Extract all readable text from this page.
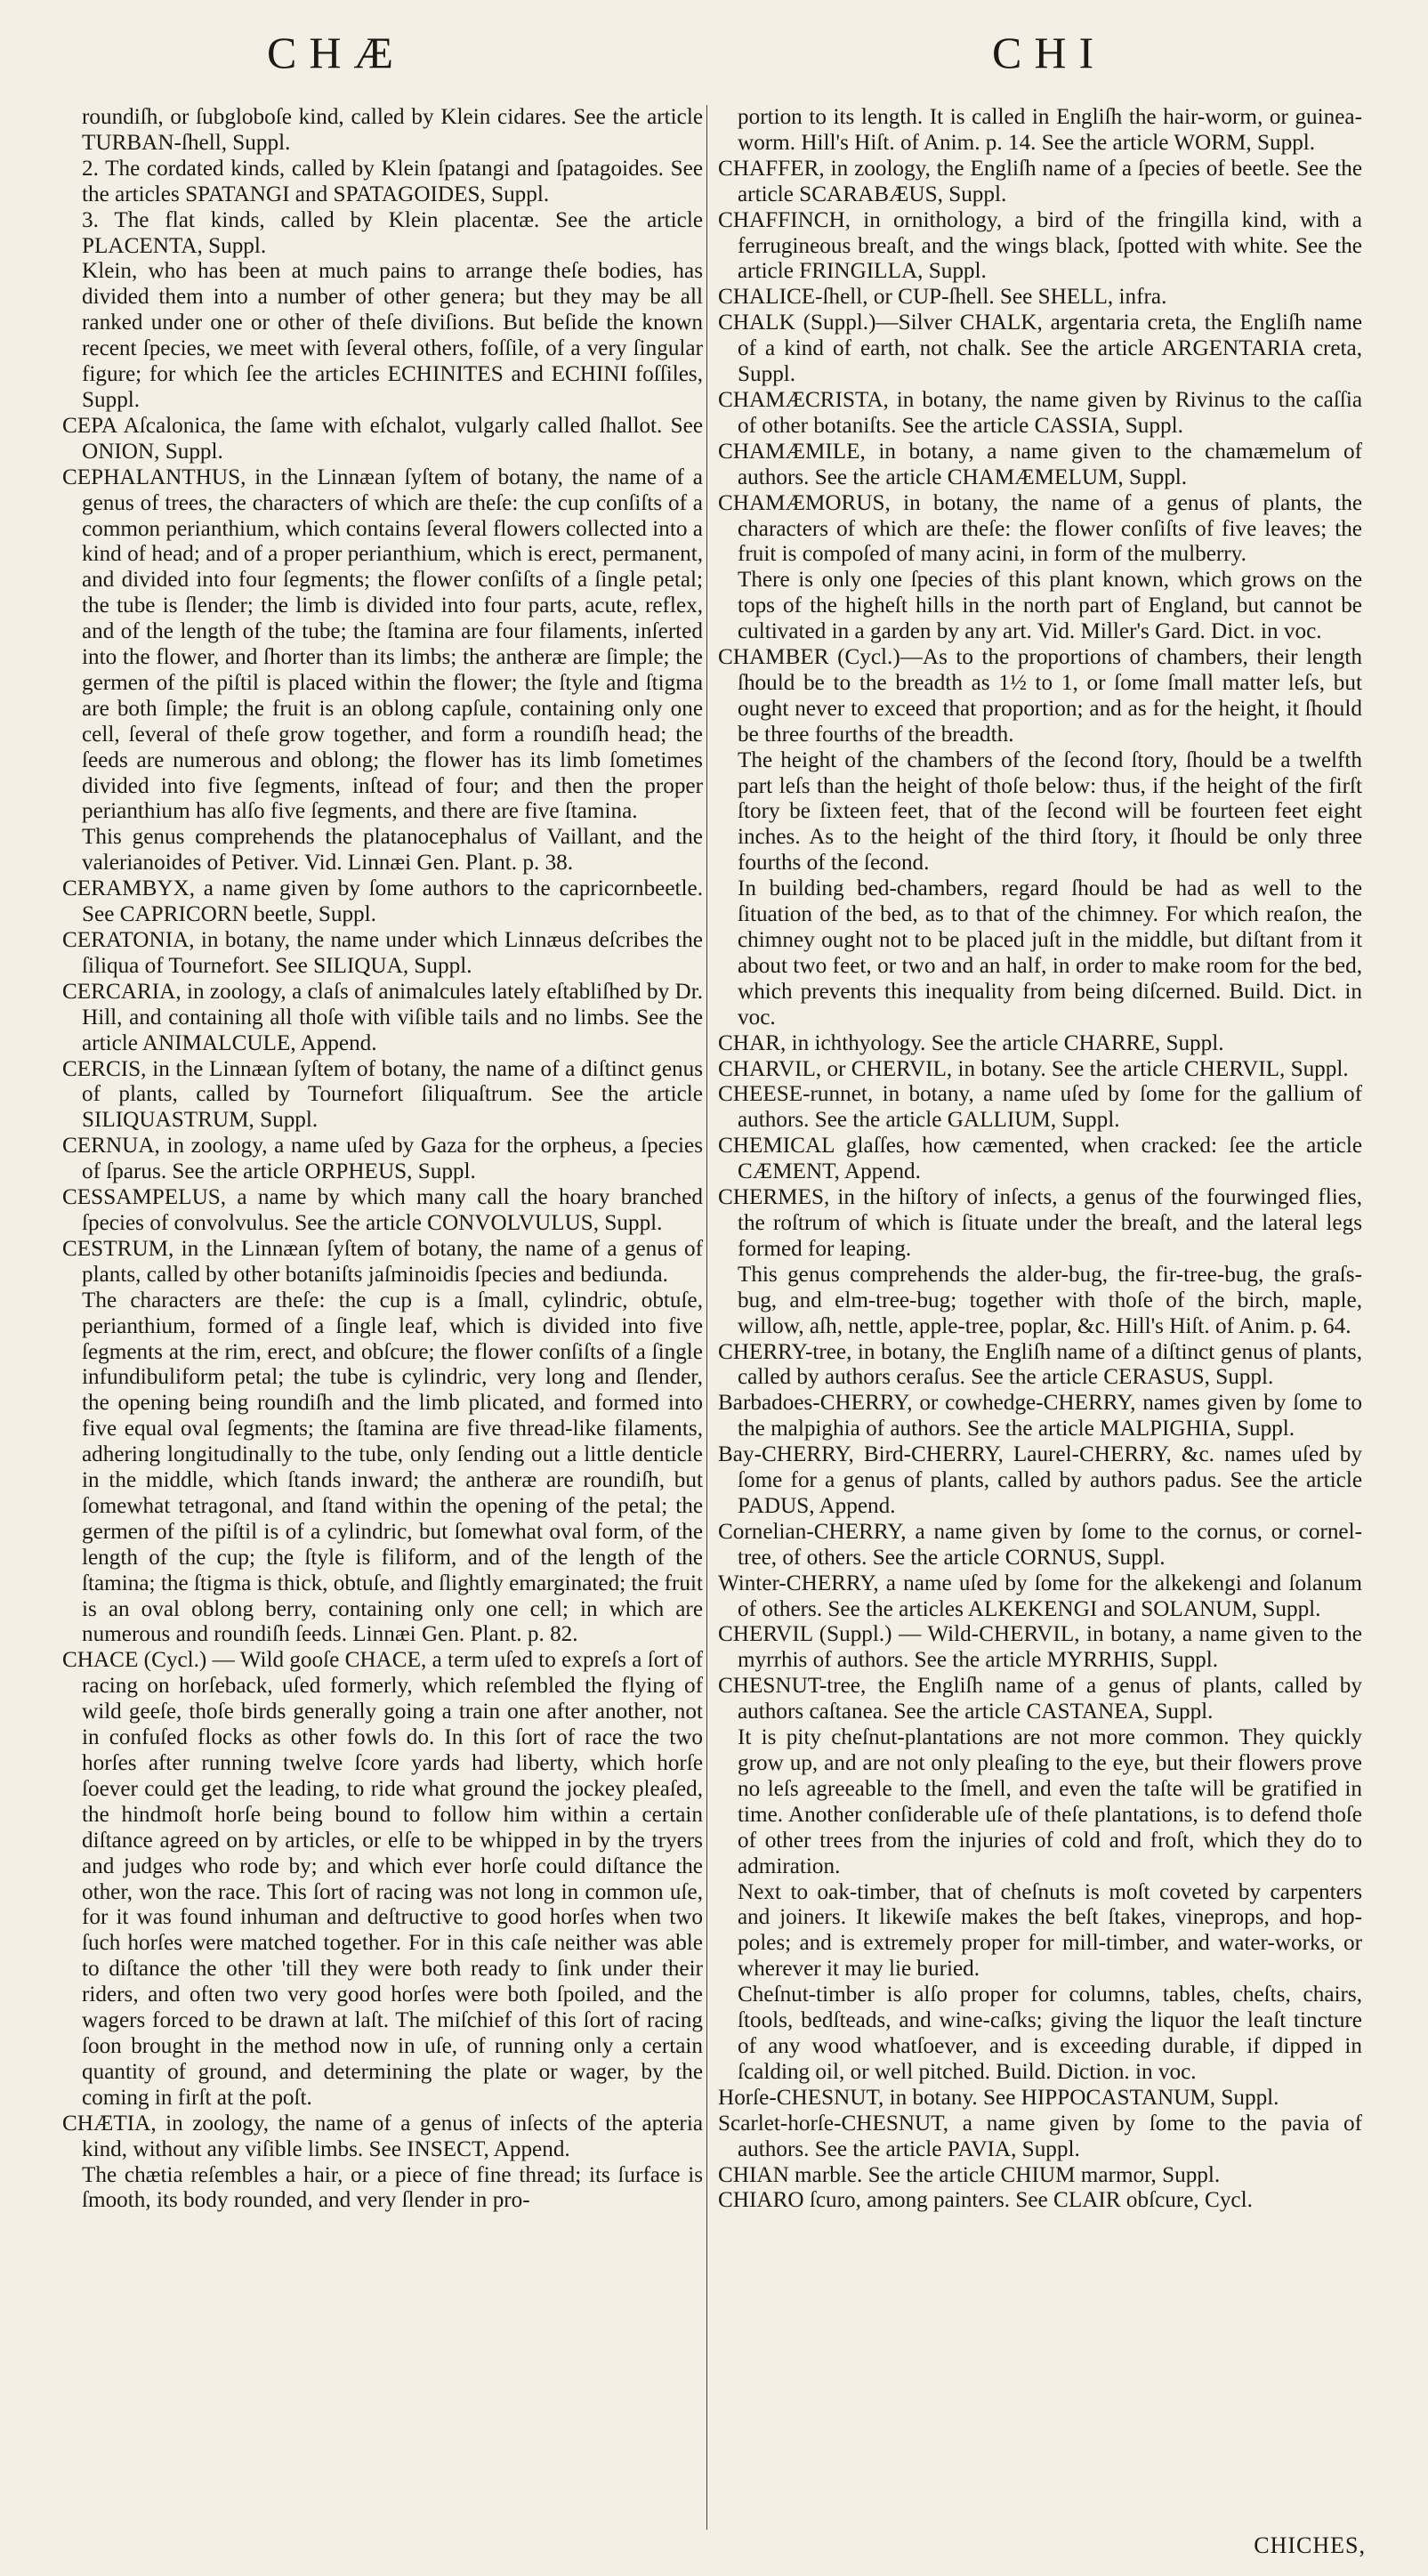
CHÆ	CHI

roundiſh, or ſubgloboſe kind, called by Klein cidares. See the article TURBAN-ſhell, Suppl.

2. The cordated kinds, called by Klein ſpatangi and ſpatagoides. See the articles SPATANGI and SPATAGOIDES, Suppl.

3. The flat kinds, called by Klein placentæ. See the article PLACENTA, Suppl.

Klein, who has been at much pains to arrange theſe bodies, has divided them into a number of other genera; but they may be all ranked under one or other of theſe diviſions. But beſide the known recent ſpecies, we meet with ſeveral others, foſſile, of a very ſingular figure; for which ſee the articles ECHINITES and ECHINI foſſiles, Suppl.

CEPA Aſcalonica, the ſame with eſchalot, vulgarly called ſhallot. See ONION, Suppl.

CEPHALANTHUS, in the Linnæan ſyſtem of botany, the name of a genus of trees, the characters of which are theſe: the cup conſiſts of a common perianthium, which contains ſeveral flowers collected into a kind of head; and of a proper perianthium, which is erect, permanent, and divided into four ſegments; the flower conſiſts of a ſingle petal; the tube is ſlender; the limb is divided into four parts, acute, reflex, and of the length of the tube; the ſtamina are four filaments, inſerted into the flower, and ſhorter than its limbs; the antheræ are ſimple; the germen of the piſtil is placed within the flower; the ſtyle and ſtigma are both ſimple; the fruit is an oblong capſule, containing only one cell, ſeveral of theſe grow together, and form a roundiſh head; the ſeeds are numerous and oblong; the flower has its limb ſometimes divided into five ſegments, inſtead of four; and then the proper perianthium has alſo five ſegments, and there are five ſtamina.

This genus comprehends the platanocephalus of Vaillant, and the valerianoides of Petiver. Vid. Linnæi Gen. Plant. p. 38.

CERAMBYX, a name given by ſome authors to the capricornbeetle. See CAPRICORN beetle, Suppl.

CERATONIA, in botany, the name under which Linnæus deſcribes the ſiliqua of Tournefort. See SILIQUA, Suppl.

CERCARIA, in zoology, a claſs of animalcules lately eſtabliſhed by Dr. Hill, and containing all thoſe with viſible tails and no limbs. See the article ANIMALCULE, Append.

CERCIS, in the Linnæan ſyſtem of botany, the name of a diſtinct genus of plants, called by Tournefort ſiliquaſtrum. See the article SILIQUASTRUM, Suppl.

CERNUA, in zoology, a name uſed by Gaza for the orpheus, a ſpecies of ſparus. See the article ORPHEUS, Suppl.

CESSAMPELUS, a name by which many call the hoary branched ſpecies of convolvulus. See the article CONVOLVULUS, Suppl.

CESTRUM, in the Linnæan ſyſtem of botany, the name of a genus of plants, called by other botaniſts jaſminoidis ſpecies and bediunda.

The characters are theſe: the cup is a ſmall, cylindric, obtuſe, perianthium, formed of a ſingle leaf, which is divided into five ſegments at the rim, erect, and obſcure; the flower conſiſts of a ſingle infundibuliform petal; the tube is cylindric, very long and ſlender, the opening being roundiſh and the limb plicated, and formed into five equal oval ſegments; the ſtamina are five thread-like filaments, adhering longitudinally to the tube, only ſending out a little denticle in the middle, which ſtands inward; the antheræ are roundiſh, but ſomewhat tetragonal, and ſtand within the opening of the petal; the germen of the piſtil is of a cylindric, but ſomewhat oval form, of the length of the cup; the ſtyle is filiform, and of the length of the ſtamina; the ſtigma is thick, obtuſe, and ſlightly emarginated; the fruit is an oval oblong berry, containing only one cell; in which are numerous and roundiſh ſeeds. Linnæi Gen. Plant. p. 82.

CHACE (Cycl.) — Wild gooſe CHACE, a term uſed to expreſs a ſort of racing on horſeback, uſed formerly, which reſembled the flying of wild geeſe, thoſe birds generally going a train one after another, not in confuſed flocks as other fowls do. In this ſort of race the two horſes after running twelve ſcore yards had liberty, which horſe ſoever could get the leading, to ride what ground the jockey pleaſed, the hindmoſt horſe being bound to follow him within a certain diſtance agreed on by articles, or elſe to be whipped in by the tryers and judges who rode by; and which ever horſe could diſtance the other, won the race. This ſort of racing was not long in common uſe, for it was found inhuman and deſtructive to good horſes when two ſuch horſes were matched together. For in this caſe neither was able to diſtance the other 'till they were both ready to ſink under their riders, and often two very good horſes were both ſpoiled, and the wagers forced to be drawn at laſt. The miſchief of this ſort of racing ſoon brought in the method now in uſe, of running only a certain quantity of ground, and determining the plate or wager, by the coming in firſt at the poſt.

CHÆTIA, in zoology, the name of a genus of inſects of the apteria kind, without any viſible limbs. See INSECT, Append.

The chætia reſembles a hair, or a piece of fine thread; its ſurface is ſmooth, its body rounded, and very ſlender in pro-

portion to its length. It is called in Engliſh the hair-worm, or guinea-worm. Hill's Hiſt. of Anim. p. 14. See the article WORM, Suppl.

CHAFFER, in zoology, the Engliſh name of a ſpecies of beetle. See the article SCARABÆUS, Suppl.

CHAFFINCH, in ornithology, a bird of the fringilla kind, with a ferrugineous breaſt, and the wings black, ſpotted with white. See the article FRINGILLA, Suppl.

CHALICE-ſhell, or CUP-ſhell. See SHELL, infra.

CHALK (Suppl.)—Silver CHALK, argentaria creta, the Engliſh name of a kind of earth, not chalk. See the article ARGENTARIA creta, Suppl.

CHAMÆCRISTA, in botany, the name given by Rivinus to the caſſia of other botaniſts. See the article CASSIA, Suppl.

CHAMÆMILE, in botany, a name given to the chamæmelum of authors. See the article CHAMÆMELUM, Suppl.

CHAMÆMORUS, in botany, the name of a genus of plants, the characters of which are theſe: the flower conſiſts of five leaves; the fruit is compoſed of many acini, in form of the mulberry.

There is only one ſpecies of this plant known, which grows on the tops of the higheſt hills in the north part of England, but cannot be cultivated in a garden by any art. Vid. Miller's Gard. Dict. in voc.

CHAMBER (Cycl.)—As to the proportions of chambers, their length ſhould be to the breadth as 1½ to 1, or ſome ſmall matter leſs, but ought never to exceed that proportion; and as for the height, it ſhould be three fourths of the breadth.

The height of the chambers of the ſecond ſtory, ſhould be a twelfth part leſs than the height of thoſe below: thus, if the height of the firſt ſtory be ſixteen feet, that of the ſecond will be fourteen feet eight inches. As to the height of the third ſtory, it ſhould be only three fourths of the ſecond.

In building bed-chambers, regard ſhould be had as well to the ſituation of the bed, as to that of the chimney. For which reaſon, the chimney ought not to be placed juſt in the middle, but diſtant from it about two feet, or two and an half, in order to make room for the bed, which prevents this inequality from being diſcerned. Build. Dict. in voc.

CHAR, in ichthyology. See the article CHARRE, Suppl.

CHARVIL, or CHERVIL, in botany. See the article CHERVIL, Suppl.

CHEESE-runnet, in botany, a name uſed by ſome for the gallium of authors. See the article GALLIUM, Suppl.

CHEMICAL glaſſes, how cæmented, when cracked: ſee the article CÆMENT, Append.

CHERMES, in the hiſtory of inſects, a genus of the fourwinged flies, the roſtrum of which is ſituate under the breaſt, and the lateral legs formed for leaping.

This genus comprehends the alder-bug, the fir-tree-bug, the graſs-bug, and elm-tree-bug; together with thoſe of the birch, maple, willow, aſh, nettle, apple-tree, poplar, &c. Hill's Hiſt. of Anim. p. 64.

CHERRY-tree, in botany, the Engliſh name of a diſtinct genus of plants, called by authors ceraſus. See the article CERASUS, Suppl.

Barbadoes-CHERRY, or cowhedge-CHERRY, names given by ſome to the malpighia of authors. See the article MALPIGHIA, Suppl.

Bay-CHERRY, Bird-CHERRY, Laurel-CHERRY, &c. names uſed by ſome for a genus of plants, called by authors padus. See the article PADUS, Append.

Cornelian-CHERRY, a name given by ſome to the cornus, or cornel-tree, of others. See the article CORNUS, Suppl.

Winter-CHERRY, a name uſed by ſome for the alkekengi and ſolanum of others. See the articles ALKEKENGI and SOLANUM, Suppl.

CHERVIL (Suppl.) — Wild-CHERVIL, in botany, a name given to the myrrhis of authors. See the article MYRRHIS, Suppl.

CHESNUT-tree, the Engliſh name of a genus of plants, called by authors caſtanea. See the article CASTANEA, Suppl.

It is pity cheſnut-plantations are not more common. They quickly grow up, and are not only pleaſing to the eye, but their flowers prove no leſs agreeable to the ſmell, and even the taſte will be gratified in time. Another conſiderable uſe of theſe plantations, is to defend thoſe of other trees from the injuries of cold and froſt, which they do to admiration.

Next to oak-timber, that of cheſnuts is moſt coveted by carpenters and joiners. It likewiſe makes the beſt ſtakes, vineprops, and hop-poles; and is extremely proper for mill-timber, and water-works, or wherever it may lie buried.

Cheſnut-timber is alſo proper for columns, tables, cheſts, chairs, ſtools, bedſteads, and wine-caſks; giving the liquor the leaſt tincture of any wood whatſoever, and is exceeding durable, if dipped in ſcalding oil, or well pitched. Build. Diction. in voc.

Horſe-CHESNUT, in botany. See HIPPOCASTANUM, Suppl.

Scarlet-horſe-CHESNUT, a name given by ſome to the pavia of authors. See the article PAVIA, Suppl.

CHIAN marble. See the article CHIUM marmor, Suppl.

CHIARO ſcuro, among painters. See CLAIR obſcure, Cycl.

CHICHES,
